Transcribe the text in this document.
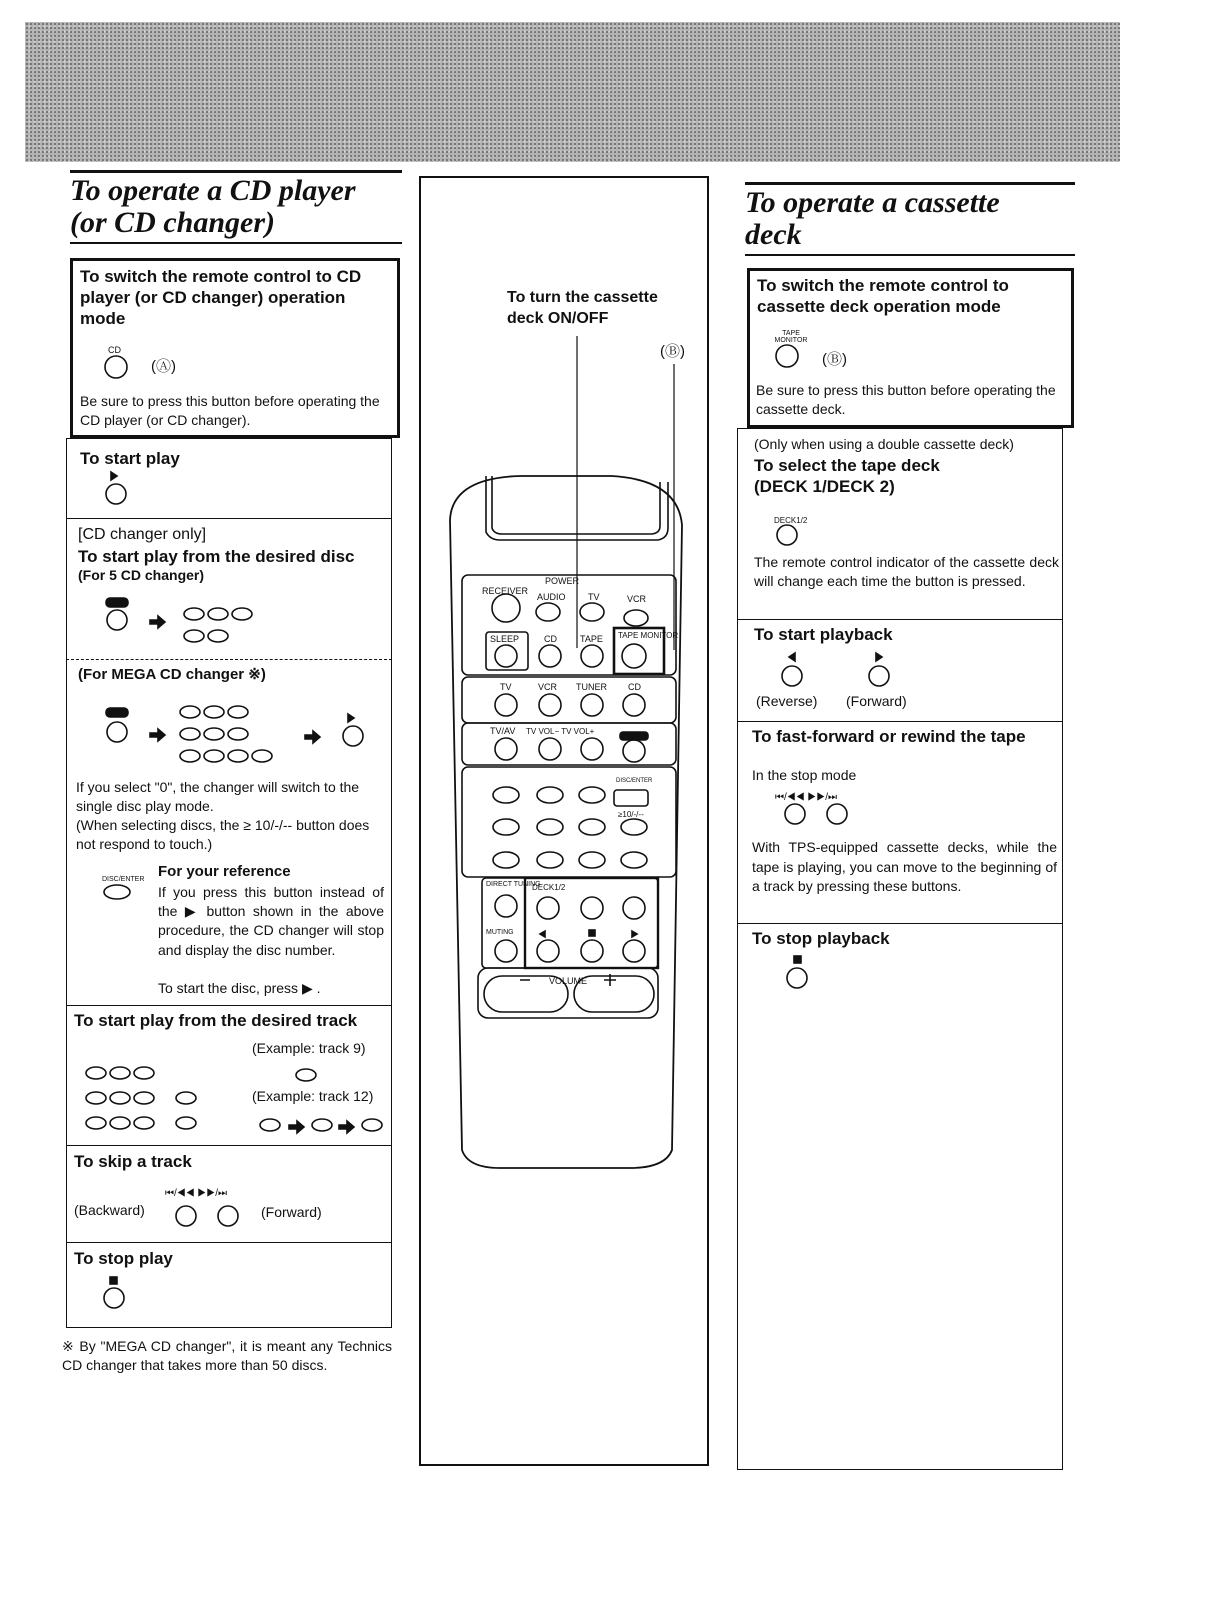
To operate a CD player
(or CD changer)
To switch the remote control to CD player (or CD changer) operation mode
CD
(Ⓐ)
Be sure to press this button before operating the CD player (or CD changer).
To start play
[CD changer only]
To start play from the desired disc
(For 5 CD changer)
(For MEGA CD changer ※)
If you select "0", the changer will switch to the single disc play mode.
(When selecting discs, the ≥ 10/-/-- button does not respond to touch.)
DISC/ENTER For your reference
If you press this button instead of the ▶ button shown in the above procedure, the CD changer will stop and display the disc number.
To start the disc, press ▶ .
To start play from the desired track
(Example: track 9)
(Example: track 12)
To skip a track
⏮/◀◀ ▶▶/⏭
(Backward)	(Forward)
To stop play
※ By "MEGA CD changer", it is meant any Technics CD changer that takes more than 50 discs.
To turn the cassette deck ON/OFF
(Ⓑ)
To operate a cassette
deck
To switch the remote control to cassette deck operation mode
TAPE MONITOR
(Ⓑ)
Be sure to press this button before operating the cassette deck.
(Only when using a double cassette deck)
To select the tape deck (DECK 1/DECK 2)
DECK1/2
The remote control indicator of the cassette deck will change each time the button is pressed.
To start playback
(Reverse) (Forward)
To fast-forward or rewind the tape
In the stop mode
⏮/◀◀ ▶▶/⏭
With TPS-equipped cassette decks, while the tape is playing, you can move to the beginning of a track by pressing these buttons.
To stop playback
POWER
RECEIVER
AUDIO TV	VCR
SLEEP	CD	TAPE TAPE MONITOR
TV	VCR TUNER CD
TV/AV TV VOL− TV VOL+
DISC/ENTER
≥10/-/--
DIRECT TUNING
MUTING
DECK1/2
VOLUME
